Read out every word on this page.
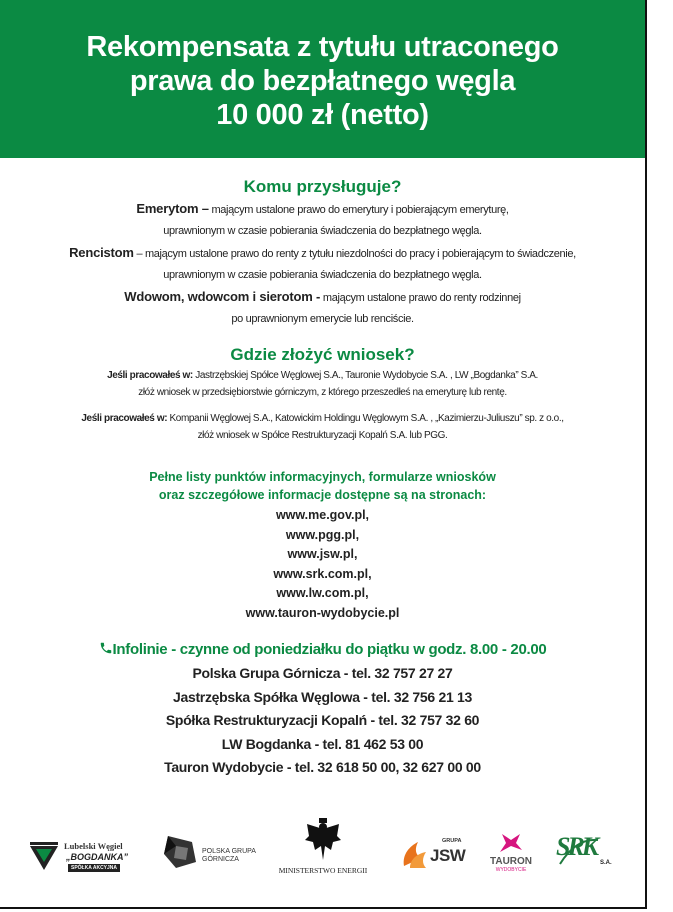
Rekompensata z tytułu utraconego
prawa do bezpłatnego węgla
10 000 zł (netto)
Komu przysługuje?
Emerytom – mającym ustalone prawo do emerytury i pobierającym emeryturę,
uprawnionym w czasie pobierania świadczenia do bezpłatnego węgla.
Rencistom – mającym ustalone prawo do renty z tytułu niezdolności do pracy i pobierającym to świadczenie,
uprawnionym w czasie pobierania świadczenia do bezpłatnego węgla.
Wdowom, wdowcom i sierotom - mającym ustalone prawo do renty rodzinnej
po uprawnionym emerycie lub renciście.
Gdzie złożyć wniosek?
Jeśli pracowałeś w: Jastrzębskiej Spółce Węglowej S.A., Tauronie Wydobycie S.A. , LW „Bogdanka” S.A.
złóż wniosek w przedsiębiorstwie górniczym, z którego przeszedłeś na emeryturę lub rentę.
Jeśli pracowałeś w: Kompanii Węglowej S.A., Katowickim Holdingu Węglowym S.A. , „Kazimierzu-Juliuszu” sp. z o.o.,
złóż wniosek w Spółce Restrukturyzacji Kopalń S.A. lub PGG.
Pełne listy punktów informacyjnych, formularze wniosków
oraz szczegółowe informacje dostępne są na stronach:
www.me.gov.pl,
www.pgg.pl,
www.jsw.pl,
www.srk.com.pl,
www.lw.com.pl,
www.tauron-wydobycie.pl
Infolinie - czynne od poniedziałku do piątku w godz. 8.00 - 20.00
Polska Grupa Górnicza - tel. 32 757 27 27
Jastrzębska Spółka Węglowa - tel. 32 756 21 13
Spółka Restrukturyzacji Kopalń - tel. 32 757 32 60
LW Bogdanka - tel. 81 462 53 00
Tauron Wydobycie - tel. 32 618 50 00, 32 627 00 00
Lubelski Węgiel
„BOGDANKA”
SPÓŁKA AKCYJNA
POLSKA GRUPA
GÓRNICZA
MINISTERSTWO ENERGII
GRUPA
JSW	TAURON
WYDOBYCIE
SRK
S.A.
